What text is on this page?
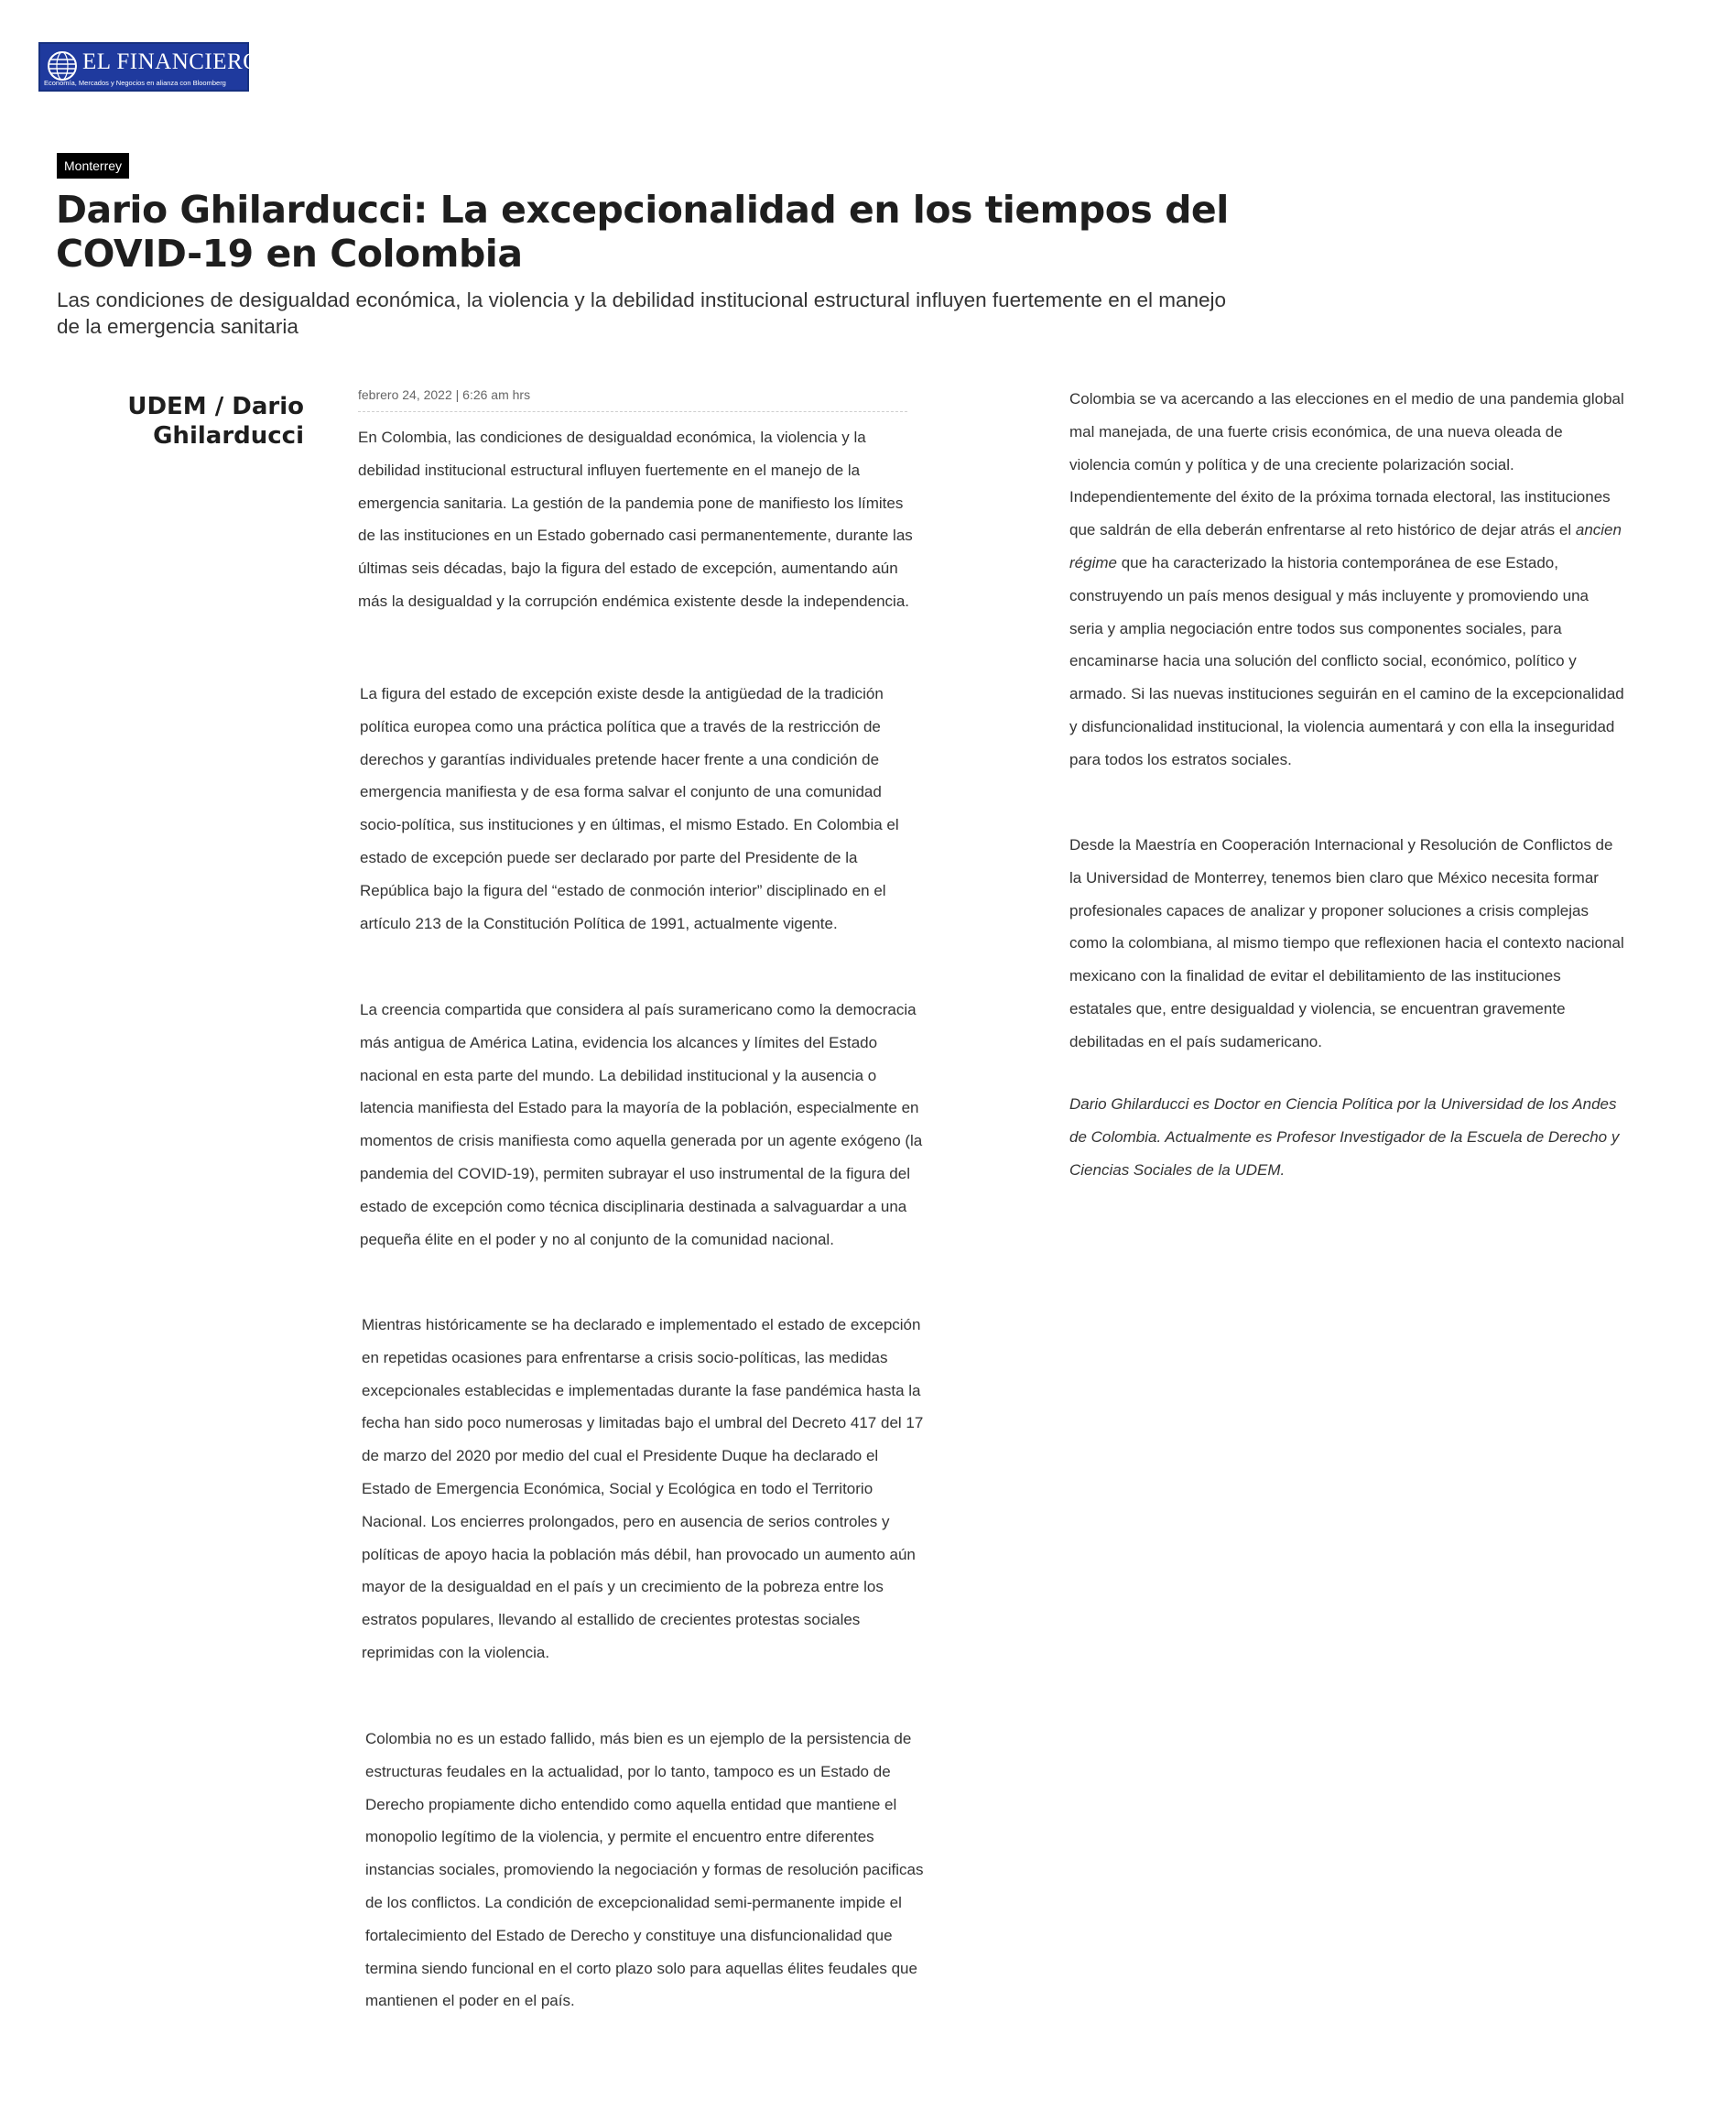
EL FINANCIERO
Economía, Mercados y Negocios en alianza con Bloomberg
Monterrey
Dario Ghilarducci: La excepcionalidad en los tiempos del COVID-19 en Colombia

Las condiciones de desigualdad económica, la violencia y la debilidad institucional estructural influyen fuertemente en el manejo de la emergencia sanitaria

UDEM / Dario Ghilarducci
febrero 24, 2022 | 6:26 am hrs

En Colombia, las condiciones de desigualdad económica, la violencia y la debilidad institucional estructural influyen fuertemente en el manejo de la emergencia sanitaria. La gestión de la pandemia pone de manifiesto los límites de las instituciones en un Estado gobernado casi permanentemente, durante las últimas seis décadas, bajo la figura del estado de excepción, aumentando aún más la desigualdad y la corrupción endémica existente desde la independencia.

La figura del estado de excepción existe desde la antigüedad de la tradición política europea como una práctica política que a través de la restricción de derechos y garantías individuales pretende hacer frente a una condición de emergencia manifiesta y de esa forma salvar el conjunto de una comunidad socio-política, sus instituciones y en últimas, el mismo Estado. En Colombia el estado de excepción puede ser declarado por parte del Presidente de la República bajo la figura del “estado de conmoción interior” disciplinado en el artículo 213 de la Constitución Política de 1991, actualmente vigente.

La creencia compartida que considera al país suramericano como la democracia más antigua de América Latina, evidencia los alcances y límites del Estado nacional en esta parte del mundo. La debilidad institucional y la ausencia o latencia manifiesta del Estado para la mayoría de la población, especialmente en momentos de crisis manifiesta como aquella generada por un agente exógeno (la pandemia del COVID-19), permiten subrayar el uso instrumental de la figura del estado de excepción como técnica disciplinaria destinada a salvaguardar a una pequeña élite en el poder y no al conjunto de la comunidad nacional.

Mientras históricamente se ha declarado e implementado el estado de excepción en repetidas ocasiones para enfrentarse a crisis socio-políticas, las medidas excepcionales establecidas e implementadas durante la fase pandémica hasta la fecha han sido poco numerosas y limitadas bajo el umbral del Decreto 417 del 17 de marzo del 2020 por medio del cual el Presidente Duque ha declarado el Estado de Emergencia Económica, Social y Ecológica en todo el Territorio Nacional. Los encierres prolongados, pero en ausencia de serios controles y políticas de apoyo hacia la población más débil, han provocado un aumento aún mayor de la desigualdad en el país y un crecimiento de la pobreza entre los estratos populares, llevando al estallido de crecientes protestas sociales reprimidas con la violencia.

Colombia no es un estado fallido, más bien es un ejemplo de la persistencia de estructuras feudales en la actualidad, por lo tanto, tampoco es un Estado de Derecho propiamente dicho entendido como aquella entidad que mantiene el monopolio legítimo de la violencia, y permite el encuentro entre diferentes instancias sociales, promoviendo la negociación y formas de resolución pacificas de los conflictos. La condición de excepcionalidad semi-permanente impide el fortalecimiento del Estado de Derecho y constituye una disfuncionalidad que termina siendo funcional en el corto plazo solo para aquellas élites feudales que mantienen el poder en el país.

Colombia se va acercando a las elecciones en el medio de una pandemia global mal manejada, de una fuerte crisis económica, de una nueva oleada de violencia común y política y de una creciente polarización social. Independientemente del éxito de la próxima tornada electoral, las instituciones que saldrán de ella deberán enfrentarse al reto histórico de dejar atrás el ancien régime que ha caracterizado la historia contemporánea de ese Estado, construyendo un país menos desigual y más incluyente y promoviendo una seria y amplia negociación entre todos sus componentes sociales, para encaminarse hacia una solución del conflicto social, económico, político y armado. Si las nuevas instituciones seguirán en el camino de la excepcionalidad y disfuncionalidad institucional, la violencia aumentará y con ella la inseguridad para todos los estratos sociales.

Desde la Maestría en Cooperación Internacional y Resolución de Conflictos de la Universidad de Monterrey, tenemos bien claro que México necesita formar profesionales capaces de analizar y proponer soluciones a crisis complejas como la colombiana, al mismo tiempo que reflexionen hacia el contexto nacional mexicano con la finalidad de evitar el debilitamiento de las instituciones estatales que, entre desigualdad y violencia, se encuentran gravemente debilitadas en el país sudamericano.

Dario Ghilarducci es Doctor en Ciencia Política por la Universidad de los Andes de Colombia. Actualmente es Profesor Investigador de la Escuela de Derecho y Ciencias Sociales de la UDEM.
